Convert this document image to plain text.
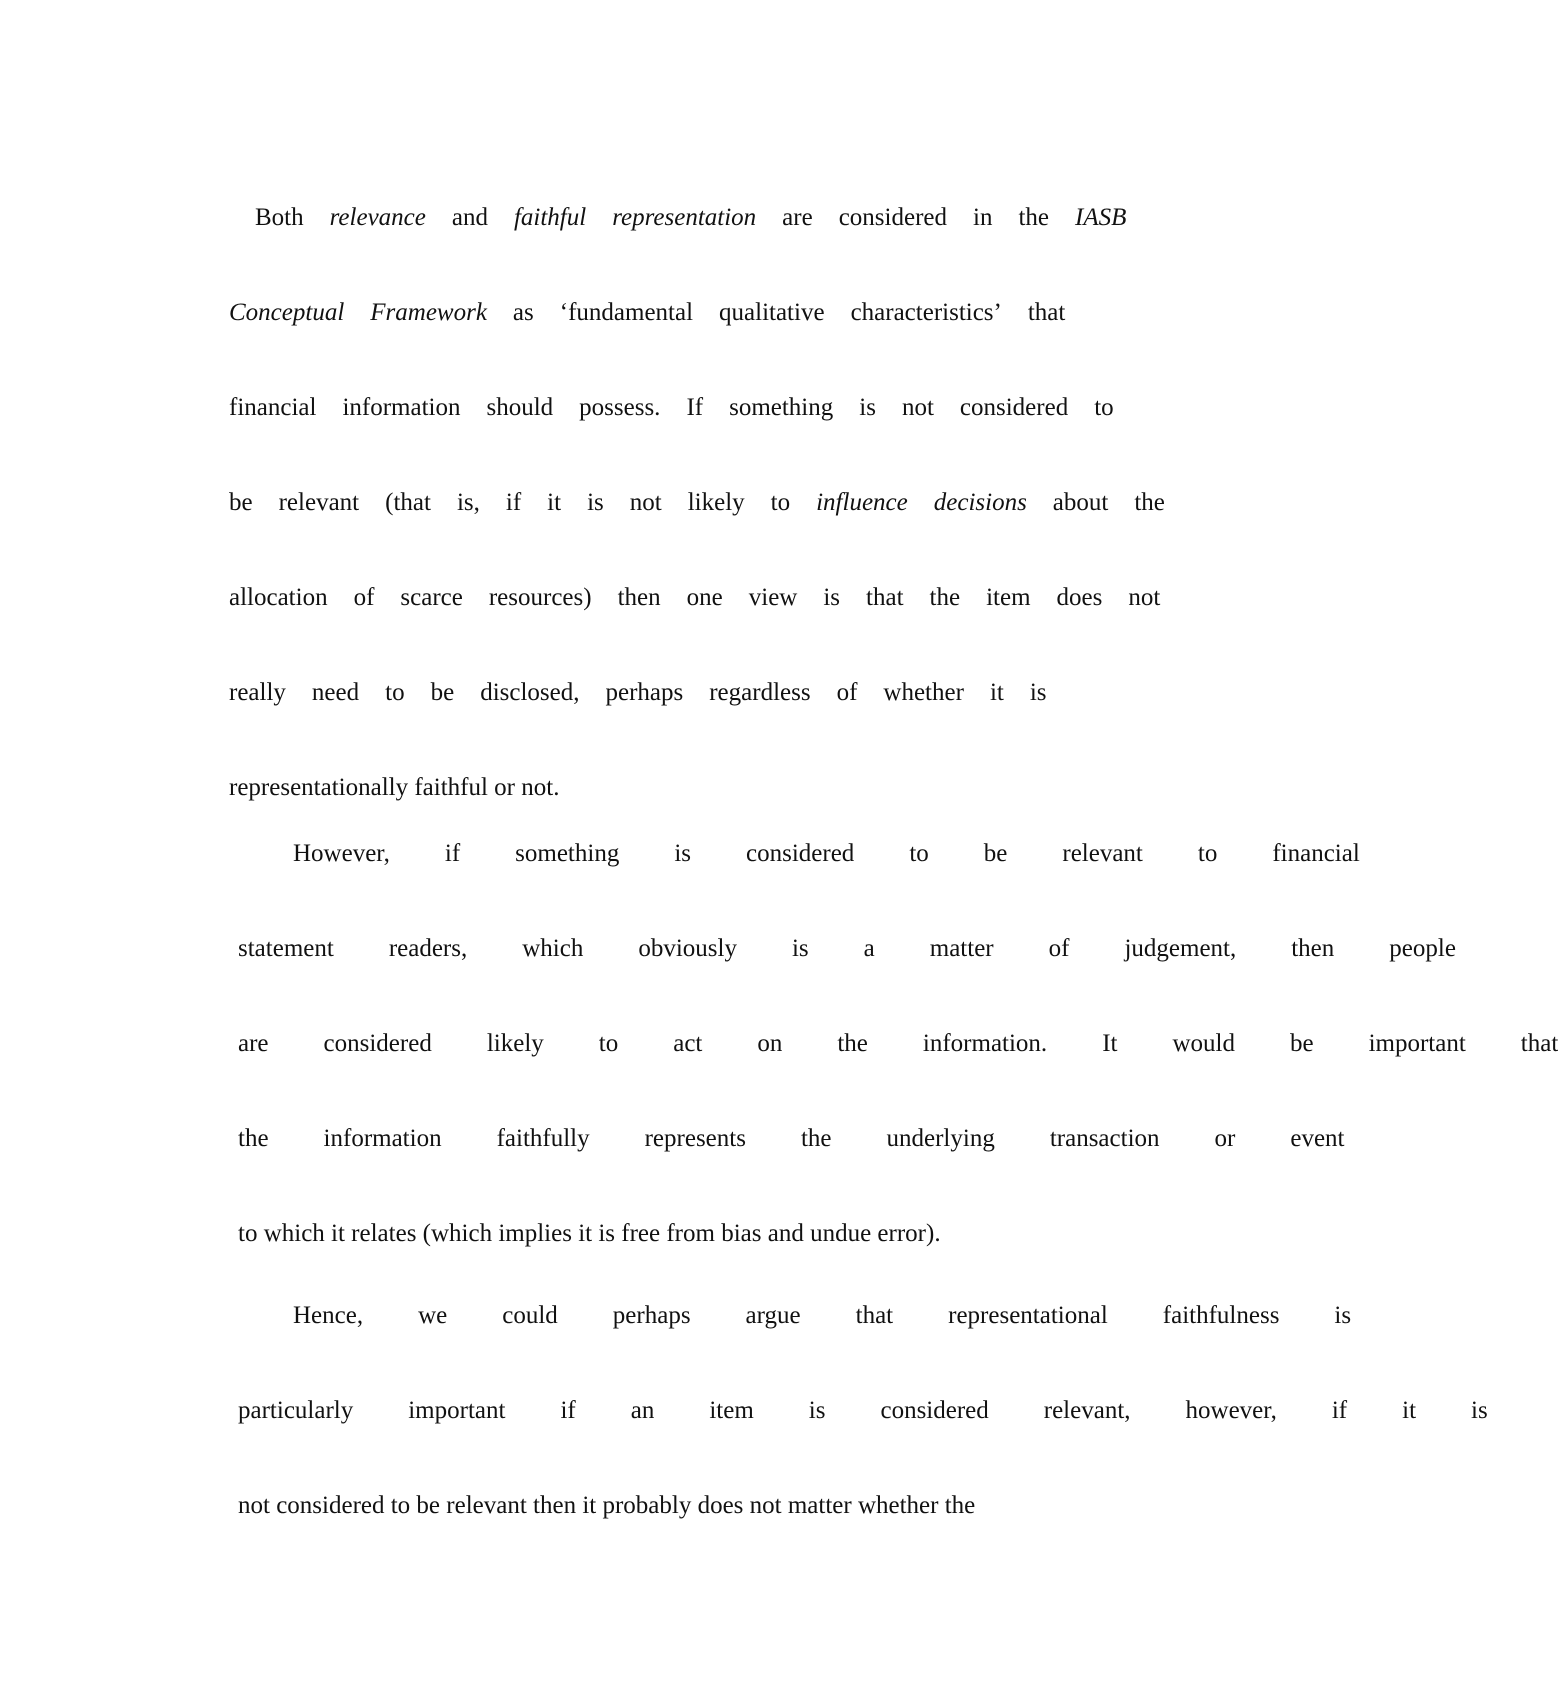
Both	relevance	and	faithful	representation	are	considered	in	the	IASB
Conceptual	Framework	as	‘fundamental	qualitative	characteristics’	that
financial	information	should	possess.	If	something	is	not	considered	to
be	relevant	(that	is,	if	it	is	not	likely	to	influence	decisions	about	the
allocation	of	scarce	resources)	then	one	view	is	that	the	item	does	not
really	need	to	be	disclosed,	perhaps	regardless	of	whether	it	is
representationally faithful or not.
However,	if	something	is	considered	to	be	relevant	to	financial
statement	readers,	which	obviously	is	a	matter	of	judgement,	then	people
are	considered	likely	to	act	on	the	information.	It	would	be	important	that
the	information	faithfully	represents	the	underlying	transaction	or	event
to which it relates (which implies it is free from bias and undue error).
Hence,	we	could	perhaps	argue	that	representational	faithfulness	is
particularly	important	if	an	item	is	considered	relevant,	however,	if	it	is
not considered to be relevant then it probably does not matter whether the
